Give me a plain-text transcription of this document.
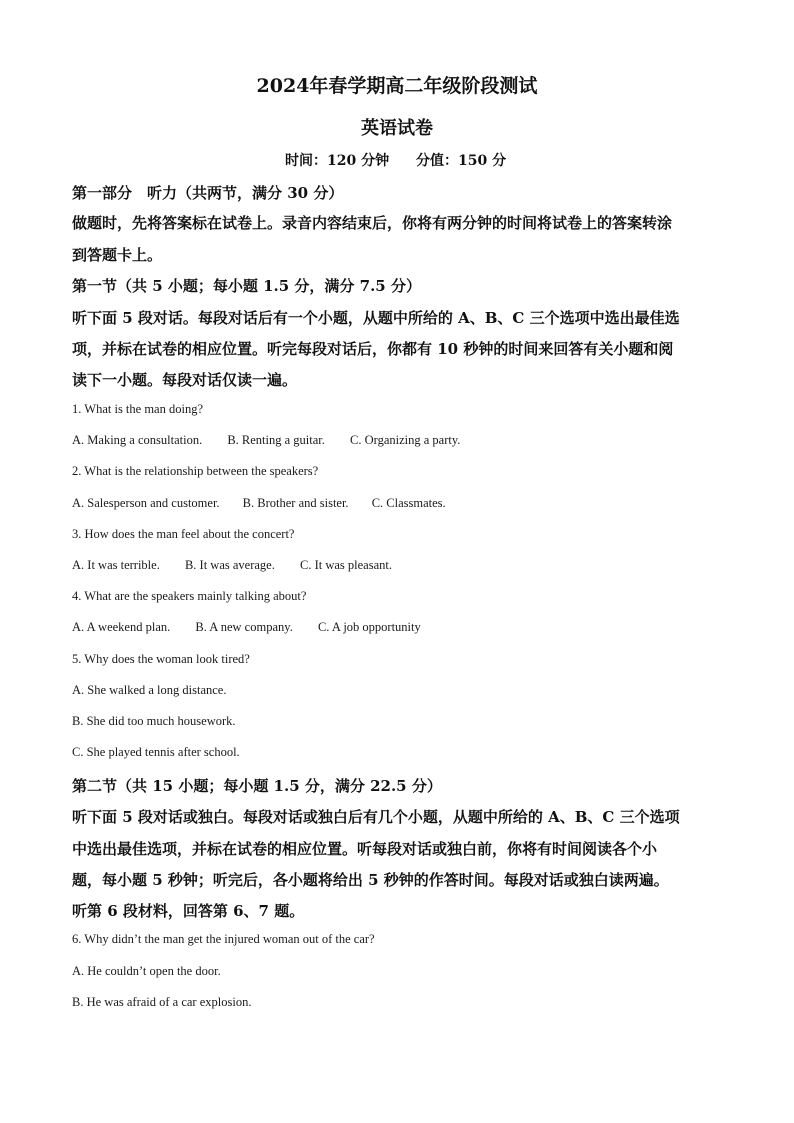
2024年春学期高二年级阶段测试
英语试卷
时间：120 分钟 分值：150 分
第一部分　听力（共两节，满分 30 分）
做题时，先将答案标在试卷上。录音内容结束后，你将有两分钟的时间将试卷上的答案转涂
到答题卡上。
第一节（共 5 小题；每小题 1.5 分，满分 7.5 分）
听下面 5 段对话。每段对话后有一个小题，从题中所给的 A、B、C 三个选项中选出最佳选
项，并标在试卷的相应位置。听完每段对话后，你都有 10 秒钟的时间来回答有关小题和阅
读下一小题。每段对话仅读一遍。
1. What is the man doing?
A. Making a consultation. B. Renting a guitar. C. Organizing a party.
2. What is the relationship between the speakers?
A. Salesperson and customer. B. Brother and sister. C. Classmates.
3. How does the man feel about the concert?
A. It was terrible. B. It was average. C. It was pleasant.
4. What are the speakers mainly talking about?
A. A weekend plan. B. A new company. C. A job opportunity
5. Why does the woman look tired?
A. She walked a long distance.
B. She did too much housework.
C. She played tennis after school.
第二节（共 15 小题；每小题 1.5 分，满分 22.5 分）
听下面 5 段对话或独白。每段对话或独白后有几个小题，从题中所给的 A、B、C 三个选项
中选出最佳选项，并标在试卷的相应位置。听每段对话或独白前，你将有时间阅读各个小
题，每小题 5 秒钟；听完后，各小题将给出 5 秒钟的作答时间。每段对话或独白读两遍。
听第 6 段材料，回答第 6、7 题。
6. Why didn’t the man get the injured woman out of the car?
A. He couldn’t open the door.
B. He was afraid of a car explosion.
